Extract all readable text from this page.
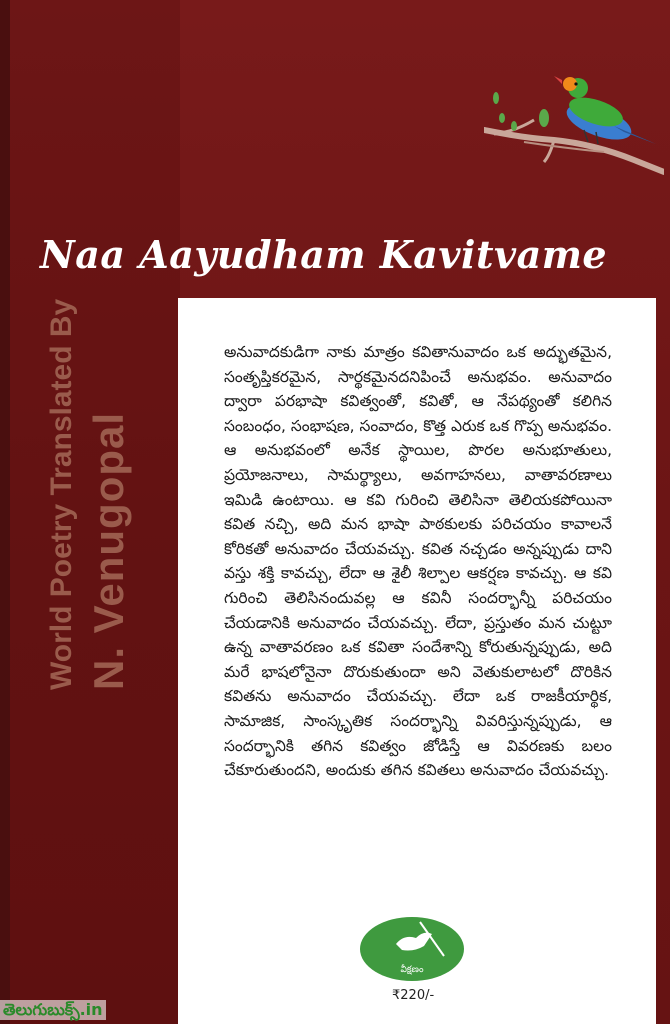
Naa Aayudham Kavitvame
World Poetry Translated By N. Venugopal

అనువాదకుడిగా నాకు మాత్రం కవితానువాదం ఒక అద్భుతమైన, సంతృప్తికరమైన, సార్థకమైనదనిపించే అనుభవం. అనువాదం ద్వారా పరభాషా కవిత్వంతో, కవితో, ఆ నేపథ్యంతో కలిగిన సంబంధం, సంభాషణ, సంవాదం, కొత్త ఎరుక ఒక గొప్ప అనుభవం. ఆ అనుభవంలో అనేక స్థాయిల, పొరల అనుభూతులు, ప్రయోజనాలు, సామర్థ్యాలు, అవగాహనలు, వాతావరణాలు ఇమిడి ఉంటాయి. ఆ కవి గురించి తెలిసినా తెలియకపోయినా కవిత నచ్చి, అది మన భాషా పాఠకులకు పరిచయం కావాలనే కోరికతో అనువాదం చేయవచ్చు. కవిత నచ్చడం అన్నప్పుడు దాని వస్తు శక్తి కావచ్చు, లేదా ఆ శైలీ శిల్పాల ఆకర్షణ కావచ్చు. ఆ కవి గురించి తెలిసినందువల్ల ఆ కవినీ సందర్భాన్నీ పరిచయం చేయడానికి అనువాదం చేయవచ్చు. లేదా, ప్రస్తుతం మన చుట్టూ ఉన్న వాతావరణం ఒక కవితా సందేశాన్ని కోరుతున్నప్పుడు, అది మరే భాషలోనైనా దొరుకుతుందా అని వెతుకులాటలో దొరికిన కవితను అనువాదం చేయవచ్చు. లేదా ఒక రాజకీయార్థిక, సామాజిక, సాంస్కృతిక సందర్భాన్ని వివరిస్తున్నప్పుడు, ఆ సందర్భానికి తగిన కవిత్వం జోడిస్తే ఆ వివరణకు బలం చేకూరుతుందని, అందుకు తగిన కవితలు అనువాదం చేయవచ్చు.

వీక్షణం
₹220/-
తెలుగుబుక్స్.in
